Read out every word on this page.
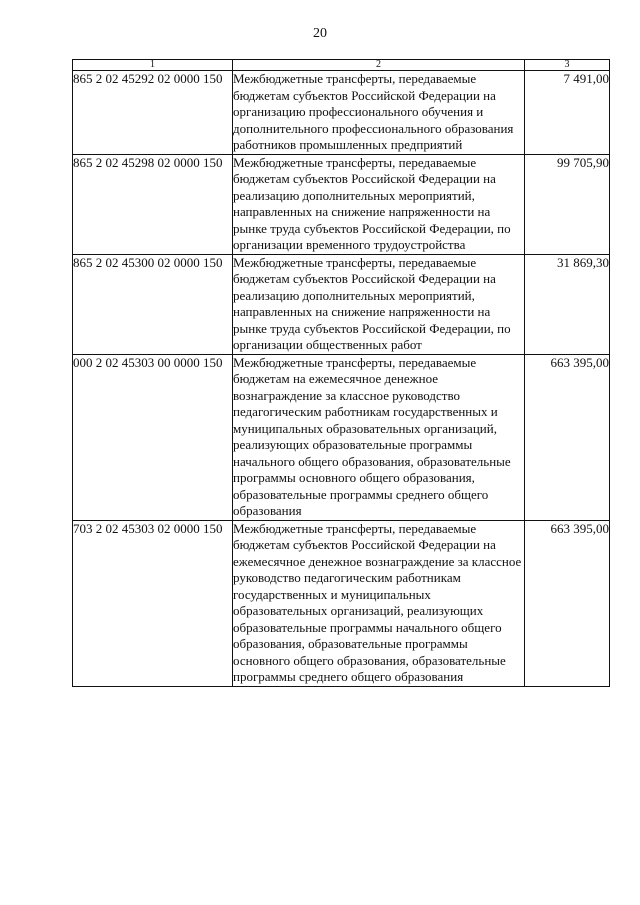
20
1	2	3
865 2 02 45292 02 0000 150	Межбюджетные трансферты, передаваемые бюджетам субъектов Российской Федерации на организацию профессионального обучения и дополнительного профессионального образования работников промышленных предприятий	7 491,00
865 2 02 45298 02 0000 150	Межбюджетные трансферты, передаваемые бюджетам субъектов Российской Федерации на реализацию дополнительных мероприятий, направленных на снижение напряженности на рынке труда субъектов Российской Федерации, по организации временного трудоустройства	99 705,90
865 2 02 45300 02 0000 150	Межбюджетные трансферты, передаваемые бюджетам субъектов Российской Федерации на реализацию дополнительных мероприятий, направленных на снижение напряженности на рынке труда субъектов Российской Федерации, по организации общественных работ	31 869,30
000 2 02 45303 00 0000 150	Межбюджетные трансферты, передаваемые бюджетам на ежемесячное денежное вознаграждение за классное руководство педагогическим работникам государственных и муниципальных образовательных организаций, реализующих образовательные программы начального общего образования, образовательные программы основного общего образования, образовательные программы среднего общего образования	663 395,00
703 2 02 45303 02 0000 150	Межбюджетные трансферты, передаваемые бюджетам субъектов Российской Федерации на ежемесячное денежное вознаграждение за классное руководство педагогическим работникам государственных и муниципальных образовательных организаций, реализующих образовательные программы начального общего образования, образовательные программы основного общего образования, образовательные программы среднего общего образования	663 395,00
